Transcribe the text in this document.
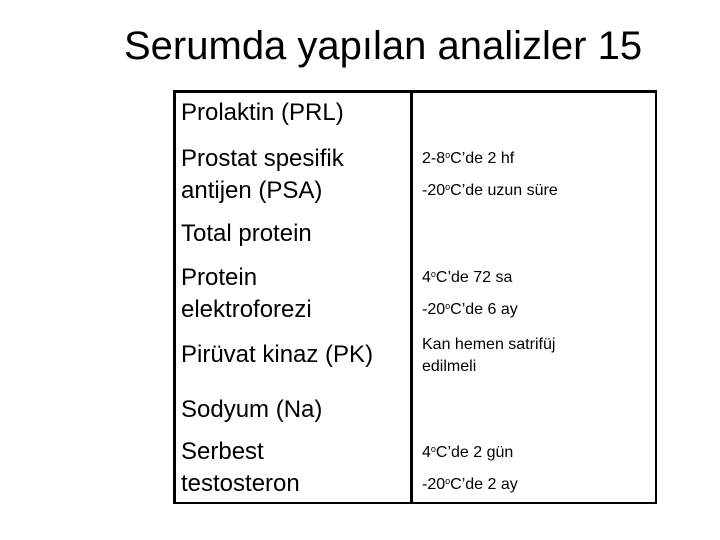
Serumda yapılan analizler 15
Prolaktin (PRL)
Prostat spesifik
antijen (PSA)
2-8$^o$C’de 2 hf
-20$^o$C’de uzun süre
Total protein
Protein
elektroforezi
4$^o$C’de 72 sa
-20$^o$C’de 6 ay
Pirüvat kinaz (PK)	Kan hemen satrifüj
edilmeli
Sodyum (Na)
Serbest
testosteron
4$^o$C’de 2 gün
-20$^o$C’de 2 ay
